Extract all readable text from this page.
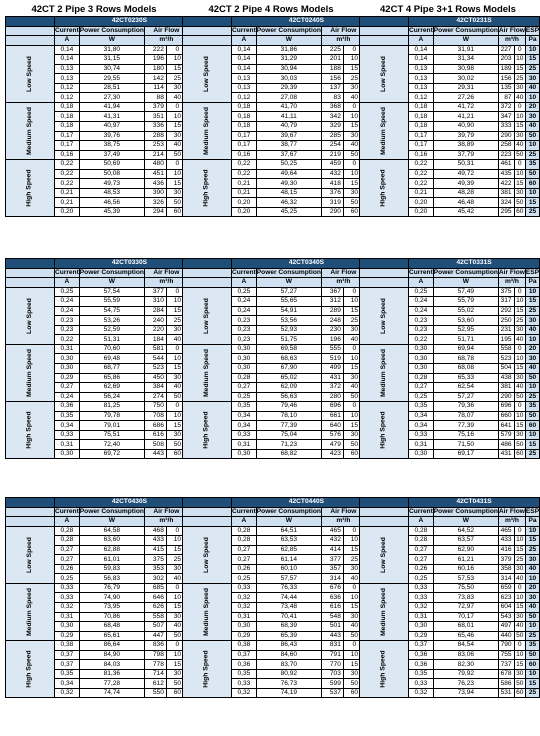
42CT 2 Pipe 3 Rows Models	42CT 2 Pipe 4 Rows Models	42CT 4 Pipe 3+1 Rows Models
	42CT0230S				
	Current	Power Consumption	Air Flow	
	A	W	m³/h	
Low Speed	0,14	31,80	222	0	
	0,14	31,15	196	10	
	0,13	30,74	180	15	
	0,13	29,55	142	25	
	0,12	28,51	114	30	
	0,12	27,30	88	40	
Medium Speed	0,18	41,94	379	0	
	0,18	41,31	351	10	
	0,18	40,97	336	15	
	0,17	39,76	288	30	
	0,17	38,75	253	40	
	0,16	37,49	214	50	
High Speed	0,22	50,69	480	0	
	0,22	50,08	451	10	
	0,22	49,73	436	15	
	0,21	48,53	390	30	
	0,21	46,56	326	50	
	0,20	45,39	294	60	
	42CT0330S				
	Current	Power Consumption	Air Flow	
	A	W	m³/h	
Low Speed	0,25	57,54	377	0	
	0,24	55,59	310	10	
	0,24	54,75	284	15	
	0,23	53,26	240	25	
	0,23	52,59	220	30	
	0,22	51,31	184	40	
Medium Speed	0,31	70,60	581	0	
	0,30	69,48	544	10	
	0,30	68,77	523	15	
	0,29	65,86	450	30	
	0,27	62,69	384	40	
	0,24	56,24	274	50	
High Speed	0,36	81,25	750	0	
	0,35	79,78	708	10	
	0,34	79,01	686	15	
	0,33	75,51	616	30	
	0,31	72,40	508	50	
	0,30	69,72	443	60	
	42CT0430S				
	Current	Power Consumption	Air Flow	
	A	W	m³/h	
Low Speed	0,28	64,58	468	0	
	0,28	63,60	433	10	
	0,27	62,88	415	15	
	0,27	61,01	375	25	
	0,26	59,83	353	30	
	0,25	56,83	302	40	
Medium Speed	0,33	76,79	685	0	
	0,33	74,90	646	10	
	0,32	73,95	626	15	
	0,31	70,86	558	30	
	0,30	68,48	507	40	
	0,29	65,61	447	50	
High Speed	0,38	86,64	836	0	
	0,37	84,90	798	10	
	0,37	84,03	778	15	
	0,35	81,36	714	30	
	0,34	77,28	612	50	
	0,32	74,74	550	60	
	42CT0240S				
	Current	Power Consumption	Air Flow	
	A	W	m³/h	
Low Speed	0,14	31,86	225	0	
	0,14	31,29	201	10	
	0,14	30,94	188	15	
	0,13	30,03	156	25	
	0,13	29,39	137	30	
	0,12	27,08	83	40	
Medium Speed	0,18	41,70	368	0	
	0,18	41,11	342	10	
	0,18	40,79	329	15	
	0,17	39,67	285	30	
	0,17	38,77	254	40	
	0,16	37,67	219	50	
High Speed	0,22	50,25	459	0	
	0,22	49,64	432	10	
	0,21	49,30	418	15	
	0,21	48,15	376	30	
	0,20	46,32	319	50	
	0,20	45,25	290	60	
	42CT0340S				
	Current	Power Consumption	Air Flow	
	A	W	m³/h	
Low Speed	0,25	57,27	367	0	
	0,24	55,65	312	10	
	0,24	54,91	289	15	
	0,23	53,56	248	25	
	0,23	52,93	230	30	
	0,23	51,75	196	40	
Medium Speed	0,30	69,58	555	0	
	0,30	68,63	519	10	
	0,30	67,90	499	15	
	0,28	65,02	431	30	
	0,27	62,09	372	40	
	0,25	56,63	280	50	
High Speed	0,35	79,46	696	0	
	0,34	78,10	661	10	
	0,34	77,39	640	15	
	0,33	75,04	576	30	
	0,31	71,23	479	50	
	0,30	68,82	423	60	
	42CT0440S				
	Current	Power Consumption	Air Flow	
	A	W	m³/h	
Low Speed	0,28	64,51	465	0	
	0,28	63,53	432	10	
	0,27	62,85	414	15	
	0,27	61,14	377	25	
	0,26	60,10	357	30	
	0,25	57,57	314	40	
Medium Speed	0,33	76,33	676	0	
	0,32	74,44	636	10	
	0,32	73,48	616	15	
	0,31	70,41	548	30	
	0,30	68,39	501	40	
	0,29	65,39	443	50	
High Speed	0,38	86,43	831	0	
	0,37	84,60	791	10	
	0,36	83,70	770	15	
	0,35	80,92	703	30	
	0,33	76,73	599	50	
	0,32	74,19	537	60	
	42CT0231S				
	Current	Power Consumption	Air Flow		ESP
	A	W	m³/h		Pa
Low Speed	0,14	31,91	227	0	10
	0,14	31,34	203	10	15
	0,13	30,98	189	15	25
	0,13	30,02	156	25	30
	0,13	29,31	135	30	40
	0,12	27,26	87	40	10
Medium Speed	0,18	41,72	372	0	20
	0,18	41,21	347	10	30
	0,18	40,90	333	15	40
	0,17	39,79	290	30	50
	0,17	38,89	258	40	10
	0,16	37,79	223	50	25
High Speed	0,22	50,31	461	0	35
	0,22	49,72	435	10	50
	0,22	49,39	422	15	60
	0,21	48,28	381	30	10
	0,20	46,48	324	50	15
	0,20	45,42	295	60	25
	42CT0331S				
	Current	Power Consumption	Air Flow		ESP
	A	W	m³/h		Pa
Low Speed	0,25	57,49	375	0	10
	0,24	55,79	317	10	15
	0,24	55,02	292	15	25
	0,23	53,60	250	25	30
	0,23	52,95	231	30	40
	0,22	51,71	195	40	10
Medium Speed	0,30	69,94	558	0	20
	0,30	68,78	523	10	30
	0,30	68,08	504	15	40
	0,28	65,33	438	30	50
	0,27	62,54	381	40	10
	0,25	57,27	290	50	25
High Speed	0,35	79,36	696	0	35
	0,34	78,07	660	10	50
	0,34	77,39	641	15	60
	0,33	75,16	579	30	10
	0,31	71,50	486	50	15
	0,30	69,17	431	60	25
	42CT0431S				
	Current	Power Consumption	Air Flow		ESP
	A	W	m³/h		Pa
Low Speed	0,28	64,52	465	0	10
	0,28	63,57	433	10	15
	0,27	62,90	416	15	25
	0,27	61,21	379	25	30
	0,26	60,16	358	30	40
	0,25	57,53	314	40	10
Medium Speed	0,33	75,50	659	0	20
	0,33	73,83	623	10	30
	0,32	72,97	604	15	40
	0,31	70,17	543	30	50
	0,30	68,01	497	40	10
	0,29	65,46	440	50	25
High Speed	0,37	84,54	790	0	35
	0,36	83,06	755	10	50
	0,36	82,30	737	15	60
	0,35	79,92	678	30	10
	0,33	76,23	586	50	15
	0,32	73,94	531	60	25
